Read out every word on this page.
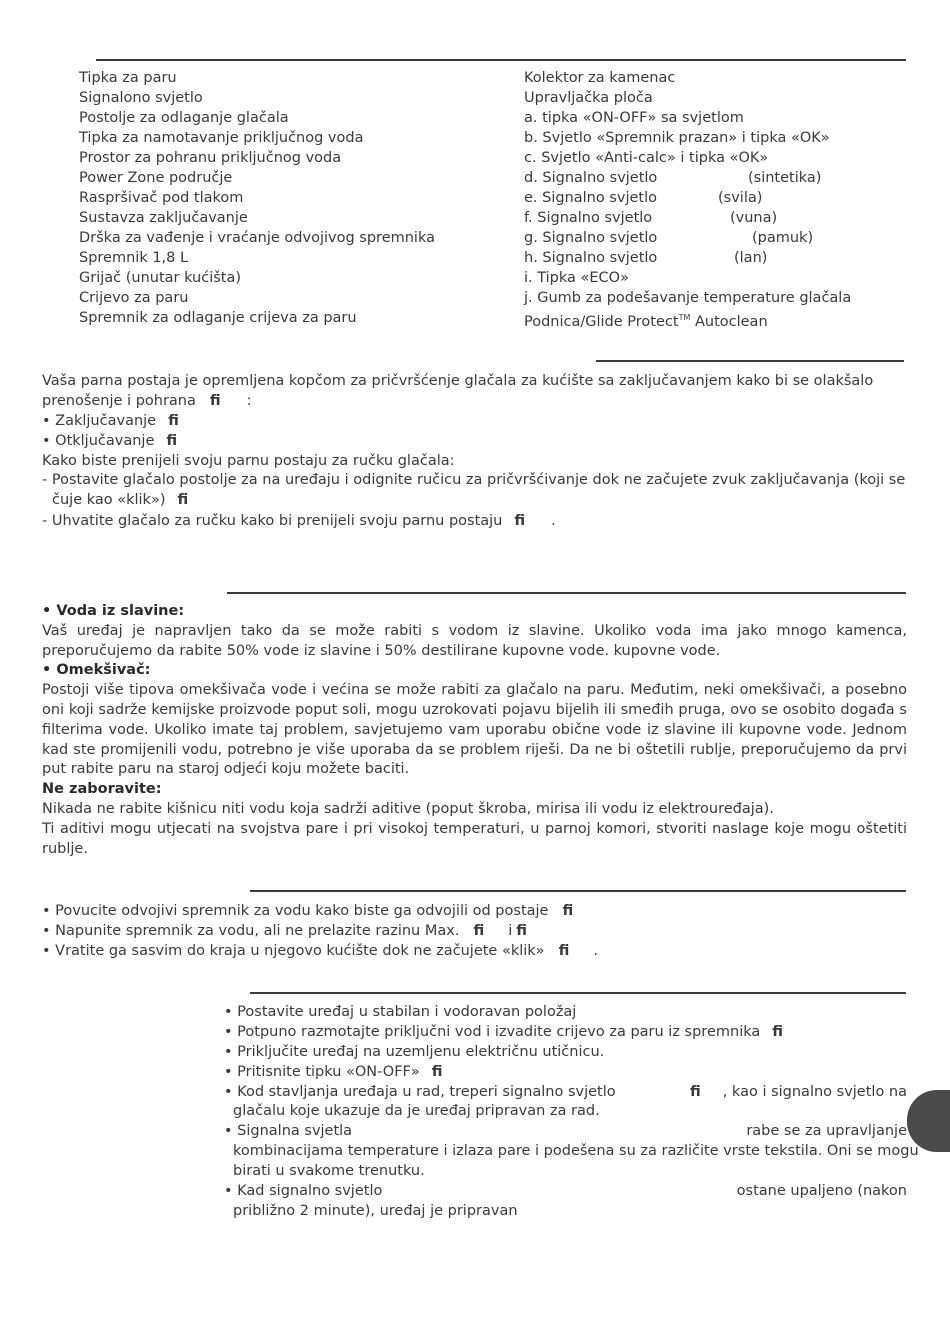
Tipka za paru
Signalono svjetlo
Postolje za odlaganje glačala
Tipka za namotavanje priključnog voda
Prostor za pohranu priključnog voda
Power Zone područje
Raspršivač pod tlakom
Sustavza zaključavanje
Drška za vađenje i vraćanje odvojivog spremnika
Spremnik 1,8 L
Grijač (unutar kućišta)
Crijevo za paru
Spremnik za odlaganje crijeva za paru
Kolektor za kamenac
Upravljačka ploča
a. tipka «ON-OFF» sa svjetlom
b. Svjetlo «Spremnik prazan» i tipka «OK»
c. Svjetlo «Anti-calc» i tipka «OK»
d. Signalno svjetlo	(sintetika)
e. Signalno svjetlo	(svila)
f. Signalno svjetlo	(vuna)
g. Signalno svjetlo	(pamuk)
h. Signalno svjetlo	(lan)
i. Tipka «ECO»
j. Gumb za podešavanje temperature glačala
Podnica/Glide Protect™ Autoclean
Vaša parna postaja je opremljena kopčom za pričvršćenje glačala za kućište sa zaključavanjem kako bi se olakšalo
prenošenje i pohrana ﬁ :
• Zaključavanje ﬁ
• Otključavanje ﬁ
Kako biste prenijeli svoju parnu postaju za ručku glačala:
- Postavite glačalo postolje za na uređaju i odignite ručicu za pričvršćivanje dok ne začujete zvuk zaključavanja (koji se
čuje kao «klik») ﬁ
- Uhvatite glačalo za ručku kako bi prenijeli svoju parnu postaju ﬁ .
• Voda iz slavine:
Vaš uređaj je napravljen tako da se može rabiti s vodom iz slavine. Ukoliko voda ima jako mnogo kamenca, preporučujemo da rabite 50% vode iz slavine i 50% destilirane kupovne vode. kupovne vode.
• Omekšivač:
Postoji više tipova omekšivača vode i većina se može rabiti za glačalo na paru. Međutim, neki omekšivači, a posebno oni koji sadrže kemijske proizvode poput soli, mogu uzrokovati pojavu bijelih ili smeđih pruga, ovo se osobito događa s filterima vode. Ukoliko imate taj problem, savjetujemo vam uporabu obične vode iz slavine ili kupovne vode. Jednom kad ste promijenili vodu, potrebno je više uporaba da se problem riješi. Da ne bi oštetili rublje, preporučujemo da prvi put rabite paru na staroj odjeći koju možete baciti.
Ne zaboravite:
Nikada ne rabite kišnicu niti vodu koja sadrži aditive (poput škroba, mirisa ili vodu iz elektrouređaja).
Ti aditivi mogu utjecati na svojstva pare i pri visokoj temperaturi, u parnoj komori, stvoriti naslage koje mogu oštetiti rublje.
• Povucite odvojivi spremnik za vodu kako biste ga odvojili od postaje ﬁ
• Napunite spremnik za vodu, ali ne prelazite razinu Max. ﬁ i ﬁ
• Vratite ga sasvim do kraja u njegovo kućište dok ne začujete «klik» ﬁ .
• Postavite uređaj u stabilan i vodoravan položaj
• Potpuno razmotajte priključni vod i izvadite crijevo za paru iz spremnika ﬁ
• Priključite uređaj na uzemljenu električnu utičnicu.
• Pritisnite tipku «ON-OFF» ﬁ
• Kod stavljanja uređaja u rad, treperi signalno svjetlo	ﬁ , kao i signalno svjetlo na
glačalu koje ukazuje da je uređaj pripravan za rad.
• Signalna svjetla	rabe se za upravljanje
kombinacijama temperature i izlaza pare i podešena su za različite vrste tekstila. Oni se mogu
birati u svakome trenutku.
• Kad signalno svjetlo	ostane upaljeno (nakon
približno 2 minute), uređaj je pripravan
